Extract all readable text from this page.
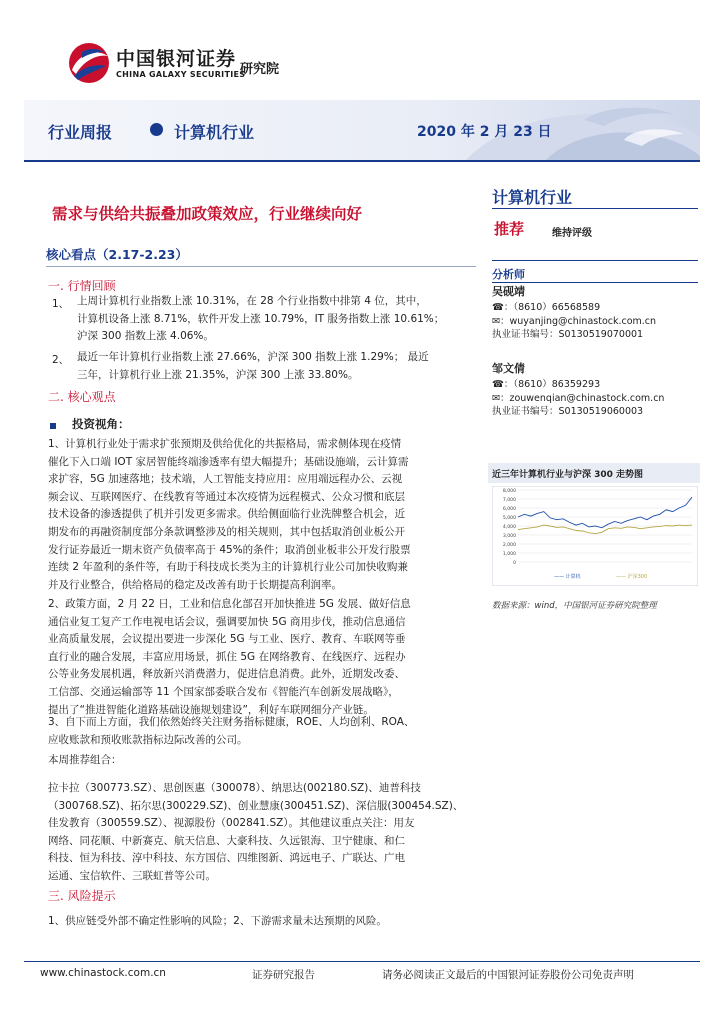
中国银河证券
CHINA GALAXY SECURITIES
研究院
行业周报	计算机行业	2020 年 2 月 23 日
需求与供给共振叠加政策效应，行业继续向好
核心看点（2.17-2.23）
一. 行情回顾
1、 上周计算机行业指数上涨 10.31%，在 28 个行业指数中排第 4 位，其中，
计算机设备上涨 8.71%，软件开发上涨 10.79%，IT 服务指数上涨 10.61%；
沪深 300 指数上涨 4.06%。
2、 最近一年计算机行业指数上涨 27.66%，沪深 300 指数上涨 1.29%； 最近
三年，计算机行业上涨 21.35%，沪深 300 上涨 33.80%。
二. 核心观点
投资视角：
1、计算机行业处于需求扩张预期及供给优化的共振格局，需求侧体现在疫情
催化下入口端 IOT 家居智能终端渗透率有望大幅提升；基础设施端，云计算需
求扩容，5G 加速落地；技术端，人工智能支持应用：应用端远程办公、云视
频会议、互联网医疗、在线教育等通过本次疫情为远程模式、公众习惯和底层
技术设备的渗透提供了机并引发更多需求。供给侧面临行业洗牌整合机会，近
期发布的再融资制度部分条款调整涉及的相关规则，其中包括取消创业板公开
发行证券最近一期末资产负债率高于 45%的条件；取消创业板非公开发行股票
连续 2 年盈利的条件等，有助于科技成长类为主的计算机行业公司加快收购兼
并及行业整合，供给格局的稳定及改善有助于长期提高利润率。
2、政策方面，2 月 22 日，工业和信息化部召开加快推进 5G 发展、做好信息
通信业复工复产工作电视电话会议，强调要加快 5G 商用步伐，推动信息通信
业高质量发展，会议提出要进一步深化 5G 与工业、医疗、教育、车联网等垂
直行业的融合发展，丰富应用场景，抓住 5G 在网络教育、在线医疗、远程办
公等业务发展机遇，释放新兴消费潜力，促进信息消费。此外，近期发改委、
工信部、交通运输部等 11 个国家部委联合发布《智能汽车创新发展战略》，
提出了“推进智能化道路基础设施规划建设”，利好车联网细分产业链。
3、自下而上方面，我们依然始终关注财务指标健康，ROE、人均创利、ROA、
应收账款和预收账款指标边际改善的公司。
本周推荐组合：
拉卡拉（300773.SZ）、思创医惠（300078）、纳思达(002180.SZ)、迪普科技
（300768.SZ)、拓尔思(300229.SZ)、创业慧康(300451.SZ)、深信服(300454.SZ)、
佳发教育（300559.SZ）、视源股份（002841.SZ）。其他建议重点关注：用友
网络、同花顺、中新赛克、航天信息、大豪科技、久远银海、卫宁健康、和仁
科技、恒为科技、淳中科技、东方国信、四维图新、鸿远电子、广联达、广电
运通、宝信软件、三联虹普等公司。
三. 风险提示
1、供应链受外部不确定性影响的风险；2、下游需求量未达预期的风险。
计算机行业
推荐	维持评级
分析师
吴砚靖
☎：（8610）66568589
✉：wuyanjing@chinastock.com.cn
执业证书编号：S0130519070001
邹文倩
☎：（8610）86359293
✉：zouwenqian@chinastock.com.cn
执业证书编号：S0130519060003
近三年计算机行业与沪深 300 走势图
8,000
7,000
6,000
5,000
4,000
3,000
2,000
1,000
0
—— 计算机	—— 沪深300
数据来源：wind，中国银河证券研究院整理
www.chinastock.com.cn	证券研究报告	请务必阅读正文最后的中国银河证券股份公司免责声明
